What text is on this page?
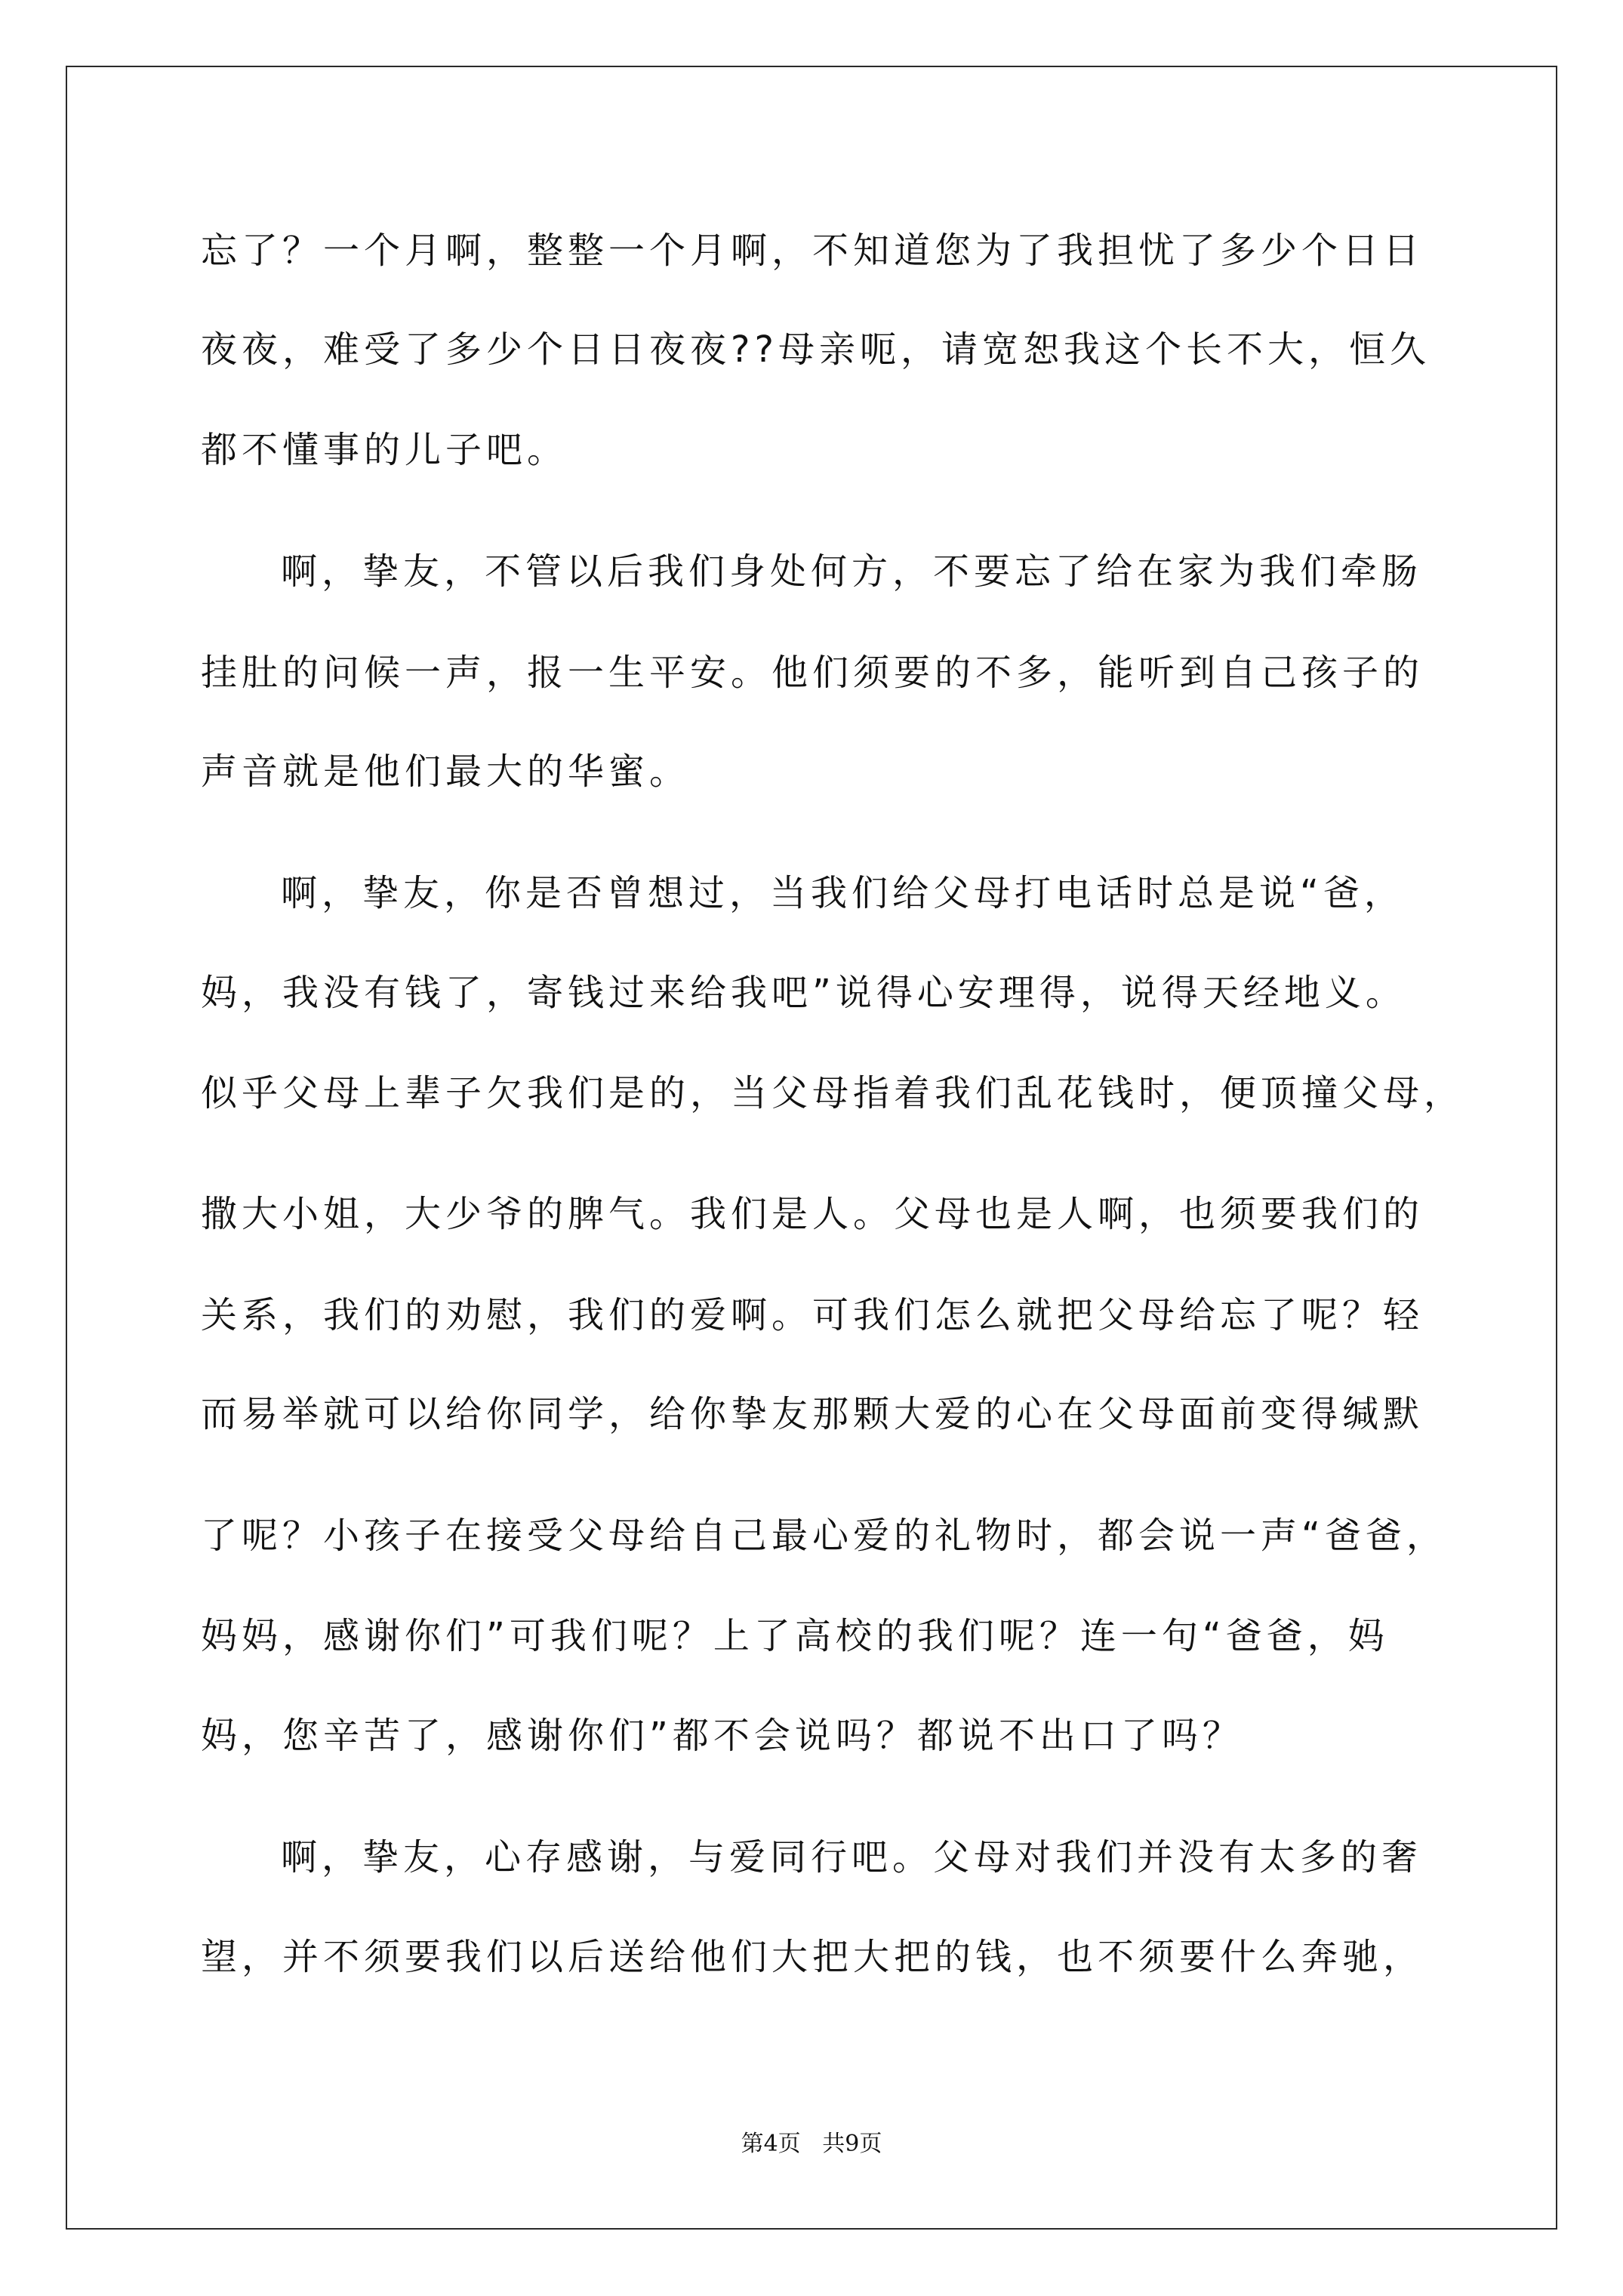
忘了？一个月啊，整整一个月啊，不知道您为了我担忧了多少个日日
夜夜，难受了多少个日日夜夜??母亲呃，请宽恕我这个长不大，恒久
都不懂事的儿子吧。
啊，挚友，不管以后我们身处何方，不要忘了给在家为我们牵肠
挂肚的问候一声，报一生平安。他们须要的不多，能听到自己孩子的
声音就是他们最大的华蜜。
啊，挚友，你是否曾想过，当我们给父母打电话时总是说“爸，
妈，我没有钱了，寄钱过来给我吧”说得心安理得，说得天经地义。
似乎父母上辈子欠我们是的，当父母指着我们乱花钱时，便顶撞父母，
撒大小姐，大少爷的脾气。我们是人。父母也是人啊，也须要我们的
关系，我们的劝慰，我们的爱啊。可我们怎么就把父母给忘了呢？轻
而易举就可以给你同学，给你挚友那颗大爱的心在父母面前变得缄默
了呢？小孩子在接受父母给自己最心爱的礼物时，都会说一声“爸爸，
妈妈，感谢你们”可我们呢？上了高校的我们呢？连一句“爸爸，妈
妈，您辛苦了，感谢你们”都不会说吗？都说不出口了吗？
啊，挚友，心存感谢，与爱同行吧。父母对我们并没有太多的奢
望，并不须要我们以后送给他们大把大把的钱，也不须要什么奔驰，
第4页   共9页
